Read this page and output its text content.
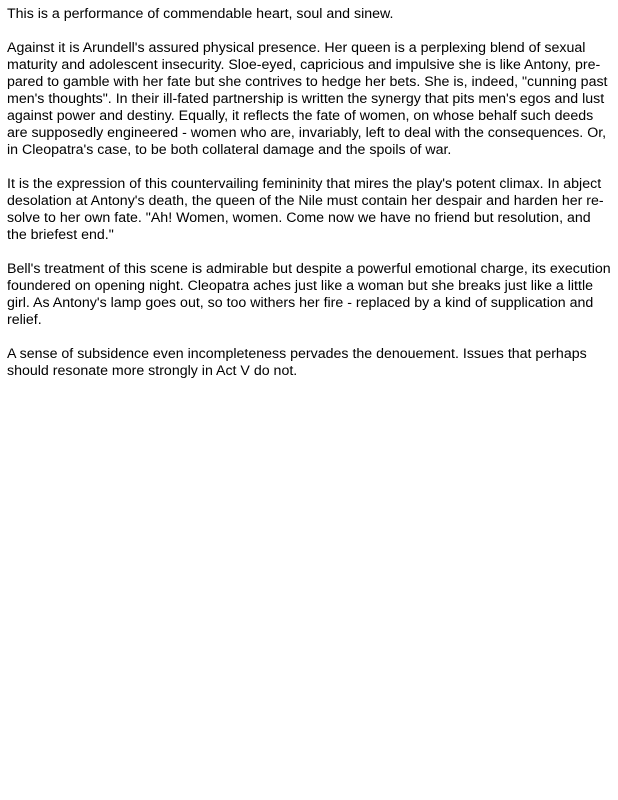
This is a performance of commendable heart, soul and sinew.
Against it is Arundell's assured physical presence. Her queen is a perplexing blend of sexual
maturity and adolescent insecurity. Sloe-eyed, capricious and impulsive she is like Antony, pre-
pared to gamble with her fate but she contrives to hedge her bets. She is, indeed, "cunning past
men's thoughts". In their ill-fated partnership is written the synergy that pits men's egos and lust
against power and destiny. Equally, it reflects the fate of women, on whose behalf such deeds
are supposedly engineered - women who are, invariably, left to deal with the consequences. Or,
in Cleopatra's case, to be both collateral damage and the spoils of war.
It is the expression of this countervailing femininity that mires the play's potent climax. In abject
desolation at Antony's death, the queen of the Nile must contain her despair and harden her re-
solve to her own fate. "Ah! Women, women. Come now we have no friend but resolution, and
the briefest end."
Bell's treatment of this scene is admirable but despite a powerful emotional charge, its execution
foundered on opening night. Cleopatra aches just like a woman but she breaks just like a little
girl. As Antony's lamp goes out, so too withers her fire - replaced by a kind of supplication and
relief.
A sense of subsidence even incompleteness pervades the denouement. Issues that perhaps
should resonate more strongly in Act V do not.
